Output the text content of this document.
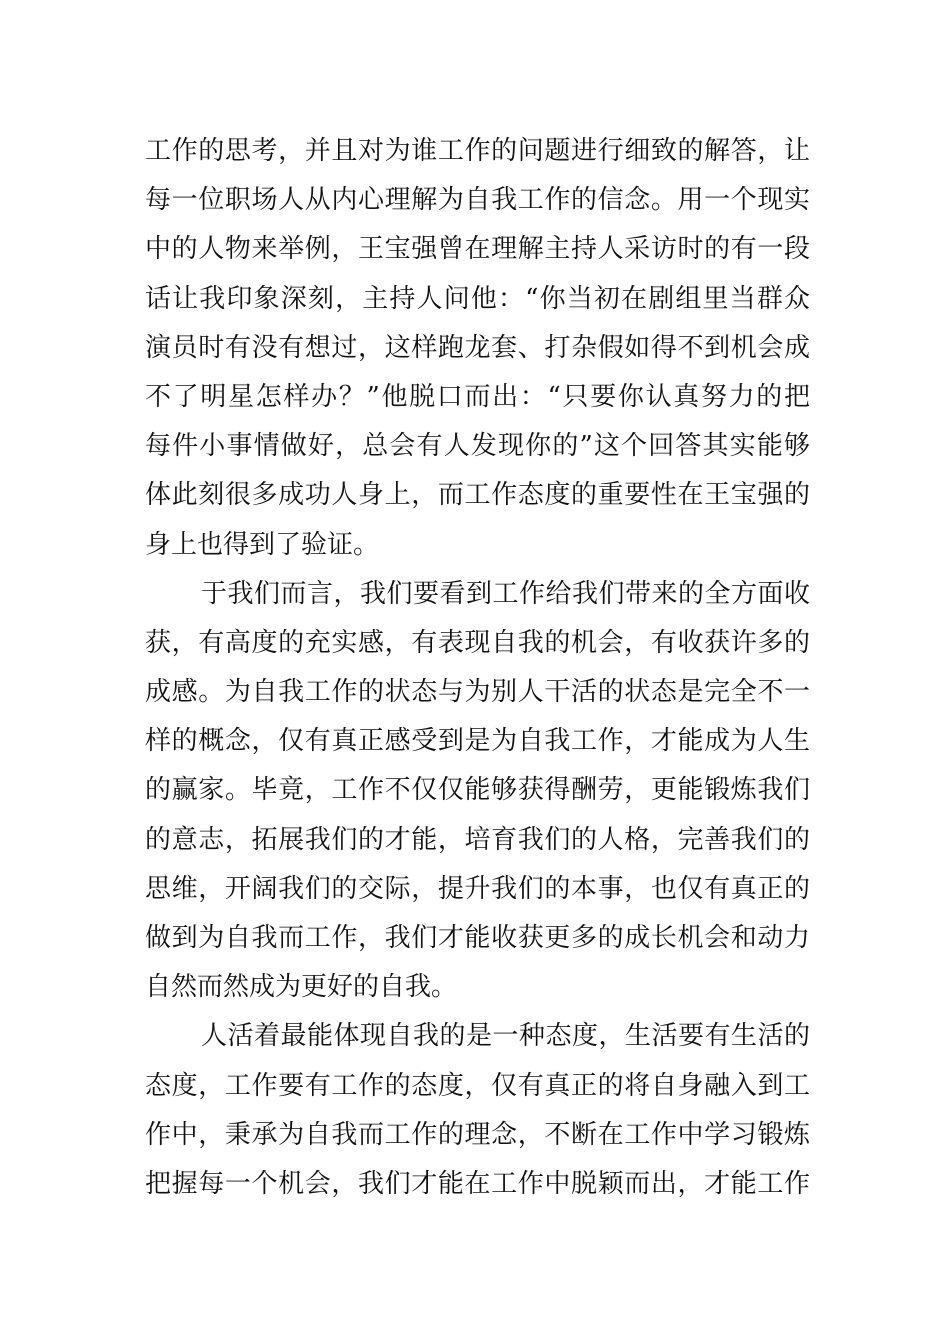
工作的思考，并且对为谁工作的问题进行细致的解答，让
每一位职场人从内心理解为自我工作的信念。用一个现实
中的人物来举例，王宝强曾在理解主持人采访时的有一段
话让我印象深刻，主持人问他：“你当初在剧组里当群众
演员时有没有想过，这样跑龙套、打杂假如得不到机会成
不了明星怎样办？”他脱口而出：“只要你认真努力的把
每件小事情做好，总会有人发现你的”这个回答其实能够
体此刻很多成功人身上，而工作态度的重要性在王宝强的
身上也得到了验证。
于我们而言，我们要看到工作给我们带来的全方面收
获，有高度的充实感，有表现自我的机会，有收获许多的
成感。为自我工作的状态与为别人干活的状态是完全不一
样的概念，仅有真正感受到是为自我工作，才能成为人生
的赢家。毕竟，工作不仅仅能够获得酬劳，更能锻炼我们
的意志，拓展我们的才能，培育我们的人格，完善我们的
思维，开阔我们的交际，提升我们的本事，也仅有真正的
做到为自我而工作，我们才能收获更多的成长机会和动力
自然而然成为更好的自我。
人活着最能体现自我的是一种态度，生活要有生活的
态度，工作要有工作的态度，仅有真正的将自身融入到工
作中，秉承为自我而工作的理念，不断在工作中学习锻炼
把握每一个机会，我们才能在工作中脱颖而出，才能工作
